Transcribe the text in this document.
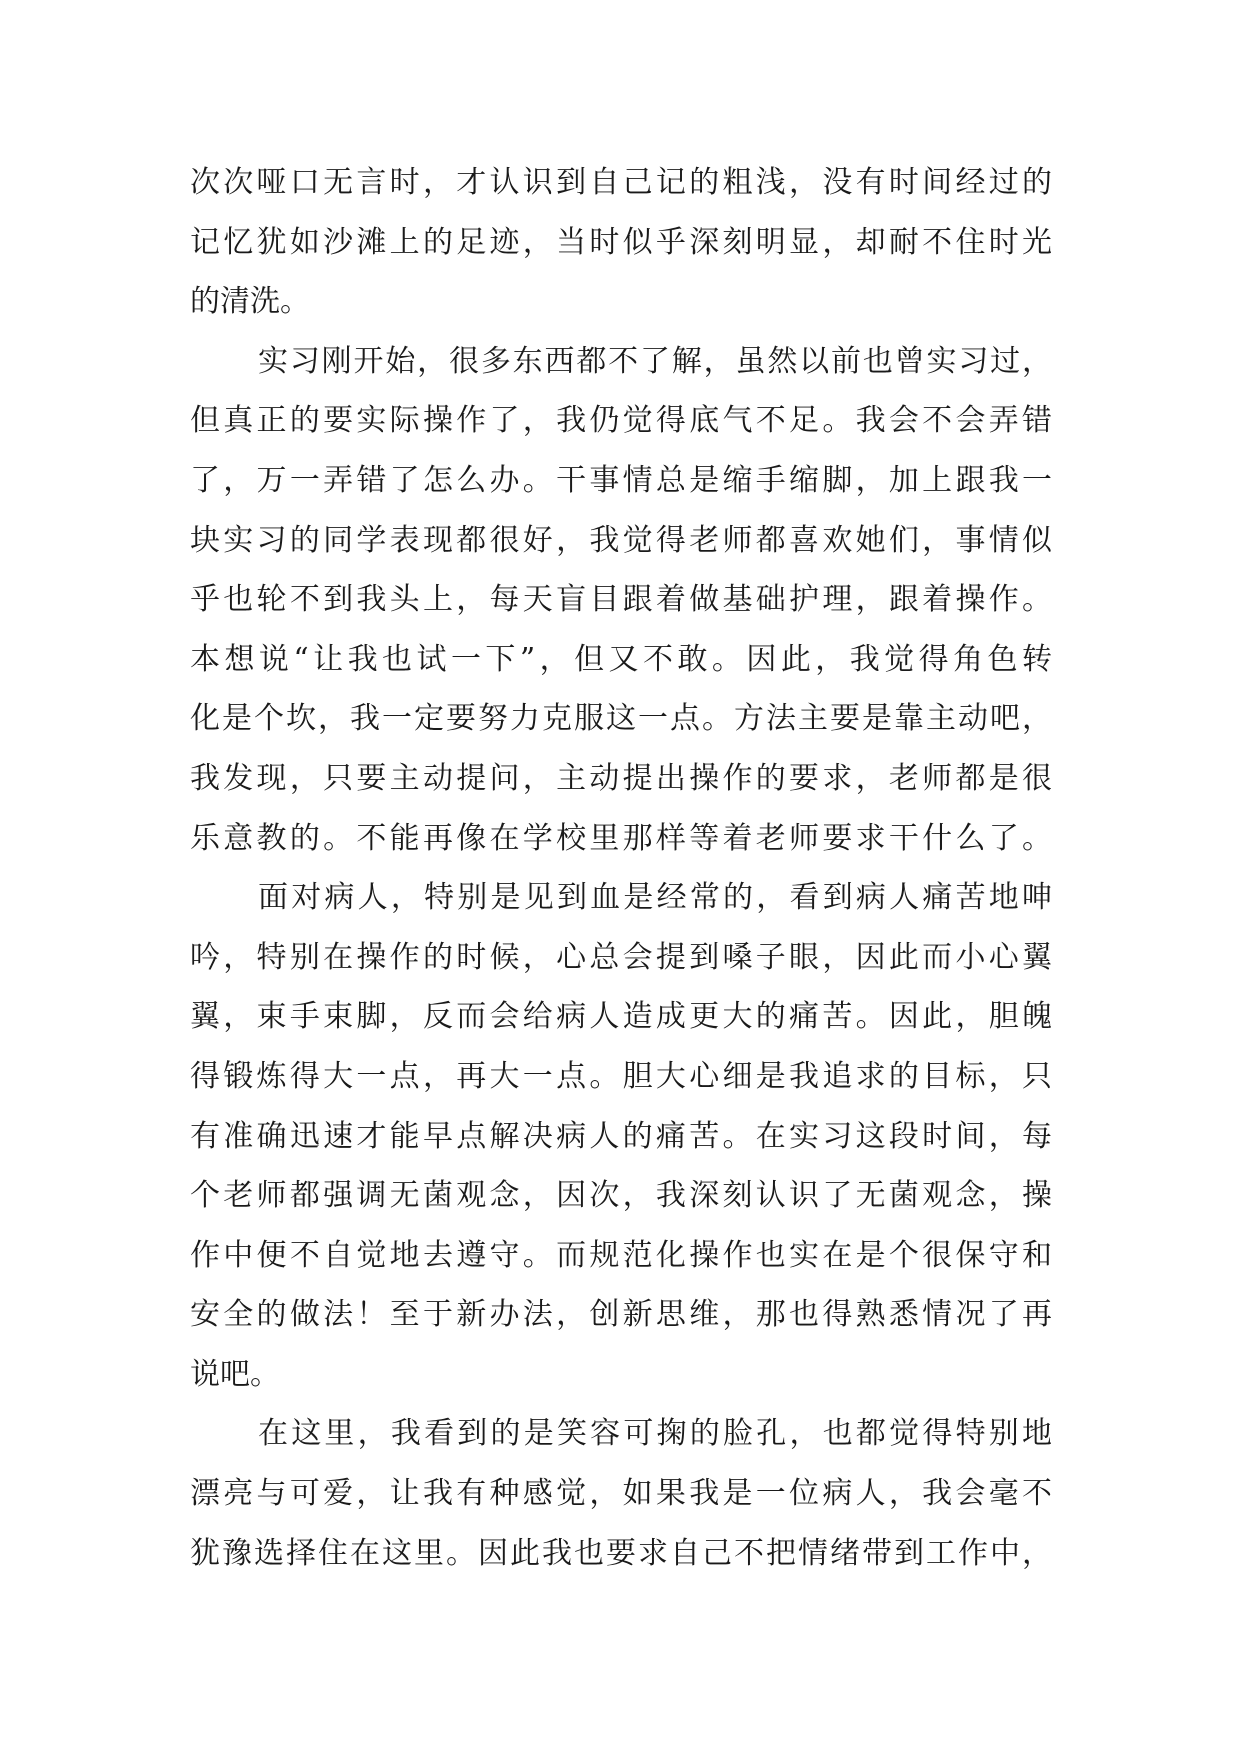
次次哑口无言时，才认识到自己记的粗浅，没有时间经过的
记忆犹如沙滩上的足迹，当时似乎深刻明显，却耐不住时光
的清洗。
实习刚开始，很多东西都不了解，虽然以前也曾实习过，
但真正的要实际操作了，我仍觉得底气不足。我会不会弄错
了，万一弄错了怎么办。干事情总是缩手缩脚，加上跟我一
块实习的同学表现都很好，我觉得老师都喜欢她们，事情似
乎也轮不到我头上，每天盲目跟着做基础护理，跟着操作。
本想说“让我也试一下”，但又不敢。因此，我觉得角色转
化是个坎，我一定要努力克服这一点。方法主要是靠主动吧，
我发现，只要主动提问，主动提出操作的要求，老师都是很
乐意教的。不能再像在学校里那样等着老师要求干什么了。
面对病人，特别是见到血是经常的，看到病人痛苦地呻
吟，特别在操作的时候，心总会提到嗓子眼，因此而小心翼
翼，束手束脚，反而会给病人造成更大的痛苦。因此，胆魄
得锻炼得大一点，再大一点。胆大心细是我追求的目标，只
有准确迅速才能早点解决病人的痛苦。在实习这段时间，每
个老师都强调无菌观念，因次，我深刻认识了无菌观念，操
作中便不自觉地去遵守。而规范化操作也实在是个很保守和
安全的做法！至于新办法，创新思维，那也得熟悉情况了再
说吧。
在这里，我看到的是笑容可掬的脸孔，也都觉得特别地
漂亮与可爱，让我有种感觉，如果我是一位病人，我会毫不
犹豫选择住在这里。因此我也要求自己不把情绪带到工作中，
